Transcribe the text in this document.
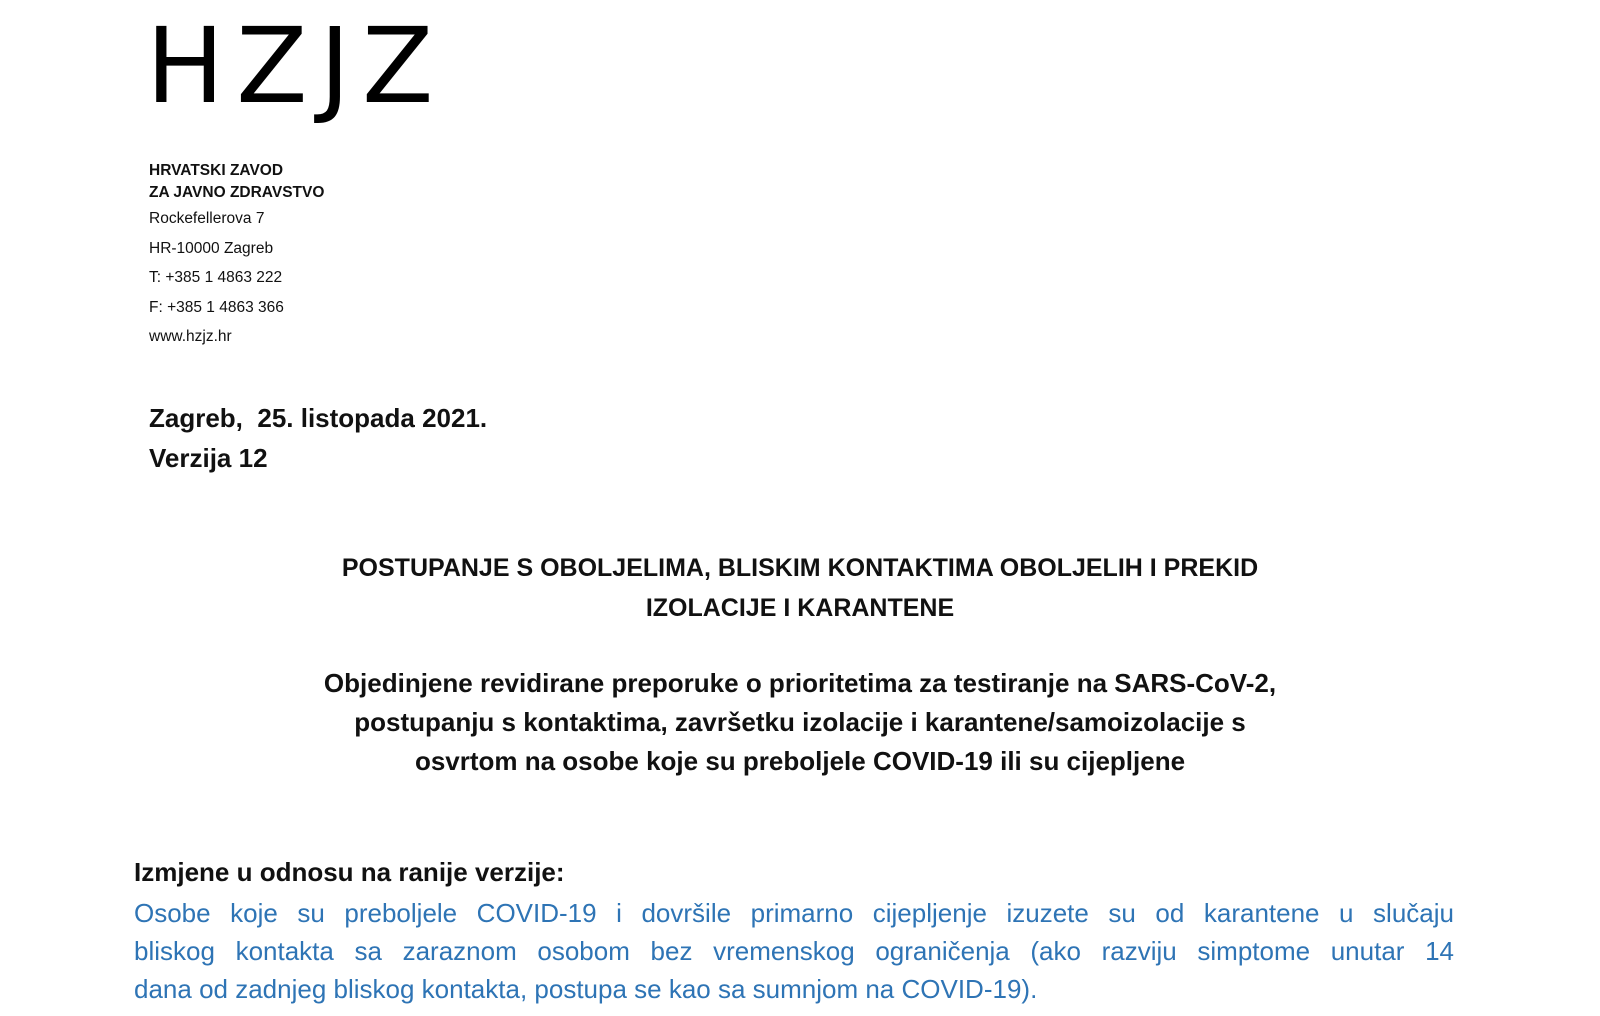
HZJZ
HRVATSKI ZAVOD
ZA JAVNO ZDRAVSTVO
Rockefellerova 7
HR-10000 Zagreb
T: +385 1 4863 222
F: +385 1 4863 366
www.hzjz.hr
Zagreb,  25. listopada 2021.
Verzija 12
POSTUPANJE S OBOLJELIMA, BLISKIM KONTAKTIMA OBOLJELIH I PREKID
IZOLACIJE I KARANTENE
Objedinjene revidirane preporuke o prioritetima za testiranje na SARS-CoV-2,
postupanju s kontaktima, završetku izolacije i karantene/samoizolacije s
osvrtom na osobe koje su preboljele COVID-19 ili su cijepljene
Izmjene u odnosu na ranije verzije:
Osobe koje su preboljele COVID-19 i dovršile primarno cijepljenje izuzete su od karantene u slučaju
bliskog kontakta sa zaraznom osobom bez vremenskog ograničenja (ako razviju simptome unutar 14
dana od zadnjeg bliskog kontakta, postupa se kao sa sumnjom na COVID-19).
